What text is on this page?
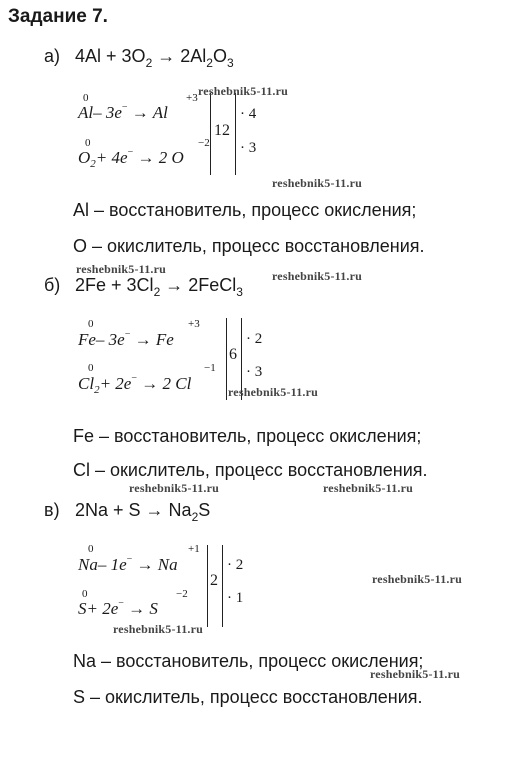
Задание 7.
а) $4Al + 3O_2 \to 2Al_2O_3$
0	+3
Al– 3e− → Al
0	−2
$O_2+ 4e^- \to 2$ O
12
· 4
· 3
Al – восстановитель, процесс окисления;
О – окислитель, процесс восстановления.
б) $2Fe + 3Cl_2$ → 2FeCl$_3$
0	+3
Fe– 3e− → Fe
0	−1
$Cl_2+ 2e^- \to 2$ Cl
6
· 2
· 3
Fe – восстановитель, процесс окисления;
Cl – окислитель, процесс восстановления.
в) $2Na + S \to Na_2S$
0	+1
Na– 1e− → Na
0	−2
S+ 2e− → S
2
· 2
· 1
Na – восстановитель, процесс окисления;
S – окислитель, процесс восстановления.
reshebnik5-11.ru
reshebnik5-11.ru
reshebnik5-11.ru	reshebnik5-11.ru
reshebnik5-11.ru
reshebnik5-11.ru	reshebnik5-11.ru
reshebnik5-11.ru
reshebnik5-11.ru
reshebnik5-11.ru
